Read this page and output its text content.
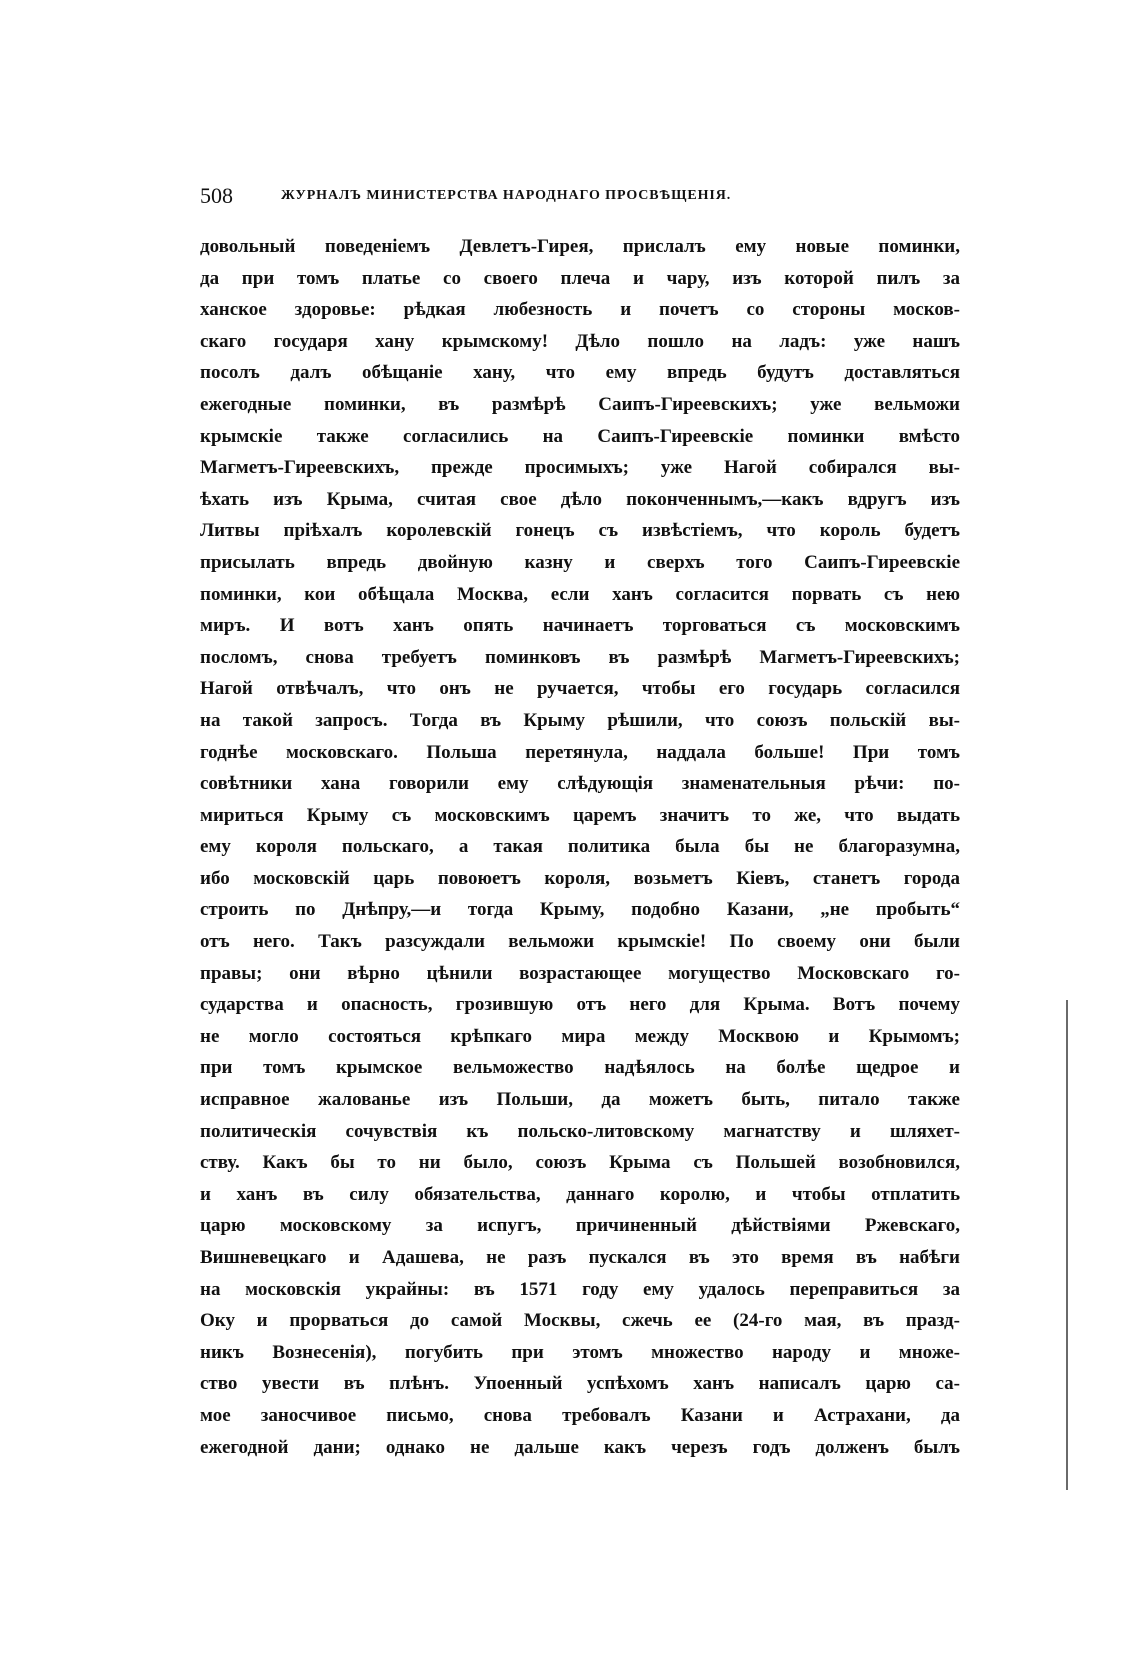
508	ЖУРНАЛЪ МИНИСТЕРСТВА НАРОДНАГО ПРОСВѢЩЕНІЯ.
довольный поведеніемъ Девлетъ-Гирея, прислалъ ему новые поминки,
да при томъ платье со своего плеча и чару, изъ которой пилъ за
ханское здоровье: рѣдкая любезность и почетъ со стороны москов-
скаго государя хану крымскому! Дѣло пошло на ладъ: уже нашъ
посолъ далъ обѣщаніе хану, что ему впредь будутъ доставляться
ежегодные поминки, въ размѣрѣ Саипъ-Гиреевскихъ; уже вельможи
крымскіе также согласились на Саипъ-Гиреевскіе поминки вмѣсто
Магметъ-Гиреевскихъ, прежде просимыхъ; уже Нагой собирался вы-
ѣхать изъ Крыма, считая свое дѣло поконченнымъ,—какъ вдругъ изъ
Литвы пріѣхалъ королевскій гонецъ съ извѣстіемъ, что король будетъ
присылать впредь двойную казну и сверхъ того Саипъ-Гиреевскіе
поминки, кои обѣщала Москва, если ханъ согласится порвать съ нею
миръ. И вотъ ханъ опять начинаетъ торговаться съ московскимъ
посломъ, снова требуетъ поминковъ въ размѣрѣ Магметъ-Гиреевскихъ;
Нагой отвѣчалъ, что онъ не ручается, чтобы его государь согласился
на такой запросъ. Тогда въ Крыму рѣшили, что союзъ польскій вы-
годнѣе московскаго. Польша перетянула, наддала больше! При томъ
совѣтники хана говорили ему слѣдующія знаменательныя рѣчи: по-
мириться Крыму съ московскимъ царемъ значитъ то же, что выдать
ему короля польскаго, а такая политика была бы не благоразумна,
ибо московскій царь повоюетъ короля, возьметъ Кіевъ, станетъ города
строить по Днѣпру,—и тогда Крыму, подобно Казани, „не пробыть“
отъ него. Такъ разсуждали вельможи крымскіе! По своему они были
правы; они вѣрно цѣнили возрастающее могущество Московскаго го-
сударства и опасность, грозившую отъ него для Крыма. Вотъ почему
не могло состояться крѣпкаго мира между Москвою и Крымомъ;
при томъ крымское вельможество надѣялось на болѣе щедрое и
исправное жалованье изъ Польши, да можетъ быть, питало также
политическія сочувствія къ польско-литовскому магнатству и шляхет-
ству. Какъ бы то ни было, союзъ Крыма съ Польшей возобновился,
и ханъ въ силу обязательства, даннаго королю, и чтобы отплатить
царю московскому за испугъ, причиненный дѣйствіями Ржевскаго,
Вишневецкаго и Адашева, не разъ пускался въ это время въ набѣги
на московскія украйны: въ 1571 году ему удалось переправиться за
Оку и прорваться до самой Москвы, сжечь ее (24-го мая, въ празд-
никъ Вознесенія), погубить при этомъ множество народу и множе-
ство увести въ плѣнъ. Упоенный успѣхомъ ханъ написалъ царю са-
мое заносчивое письмо, снова требовалъ Казани и Астрахани, да
ежегодной дани; однако не дальше какъ черезъ годъ долженъ былъ
